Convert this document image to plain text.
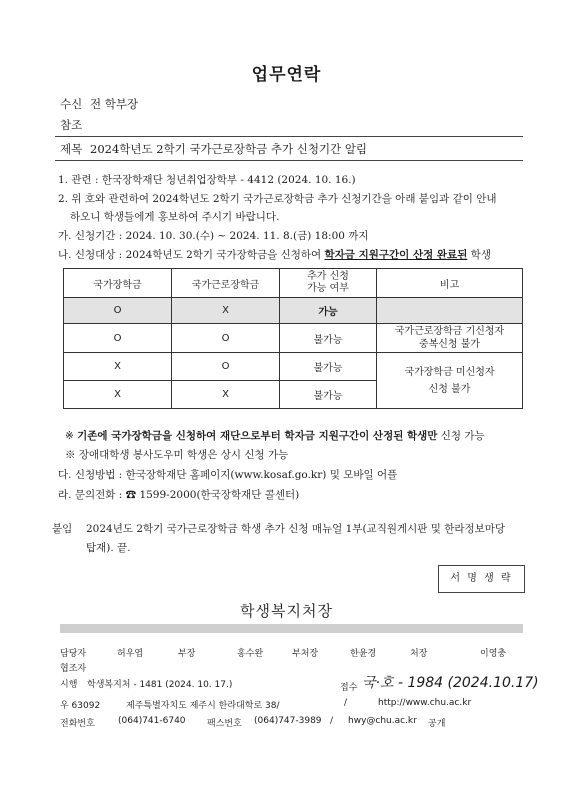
업무연락
수신 전 학부장
참조
제목 2024학년도 2학기 국가근로장학금 추가 신청기간 알림
1. 관련 : 한국장학재단 청년취업장학부 - 4412 (2024. 10. 16.)
2. 위 호와 관련하여 2024학년도 2학기 국가근로장학금 추가 신청기간을 아래 붙임과 같이 안내
하오니 학생들에게 홍보하여 주시기 바랍니다.
가. 신청기간 : 2024. 10. 30.(수) ~ 2024. 11. 8.(금) 18:00 까지
나. 신청대상 : 2024학년도 2학기 국가장학금을 신청하여 학자금 지원구간이 산정 완료된 학생
국가장학금	국가근로장학금	추가 신청
가능 여부	비고
O	X	가능	
O	O	불가능	국가근로장학금 기신청자
중복신청 불가

X	O	불가능	국가장학금 미신청자
신청 불가

X	X	불가능	
※ 기존에 국가장학금을 신청하여 재단으로부터 학자금 지원구간이 산정된 학생만 신청 가능
※ 장애대학생 봉사도우미 학생은 상시 신청 가능
다. 신청방법 : 한국장학재단 홈페이지(www.kosaf.go.kr) 및 모바일 어플
라. 문의전화 : ☎ 1599-2000(한국장학재단 콜센터)
붙임 2024년도 2학기 국가근로장학금 학생 추가 신청 매뉴얼 1부(교직원게시판 및 한라정보마당
탑재). 끝.
서 명 생 략
학생복지처장
담당자	허우엽	부장	홍수완	부처장	한윤경	처장	이영충
협조자
시행 학생복지처 - 1481 (2024. 10. 17.)	접수 국·호 - 1984 (2024.10.17)
우 63092	제주특별자치도 제주시 한라대학로 38/	/	http://www.chu.ac.kr
전화번호	(064)741-6740 팩스번호 (064)747-3989 / hwy@chu.ac.kr 공개
